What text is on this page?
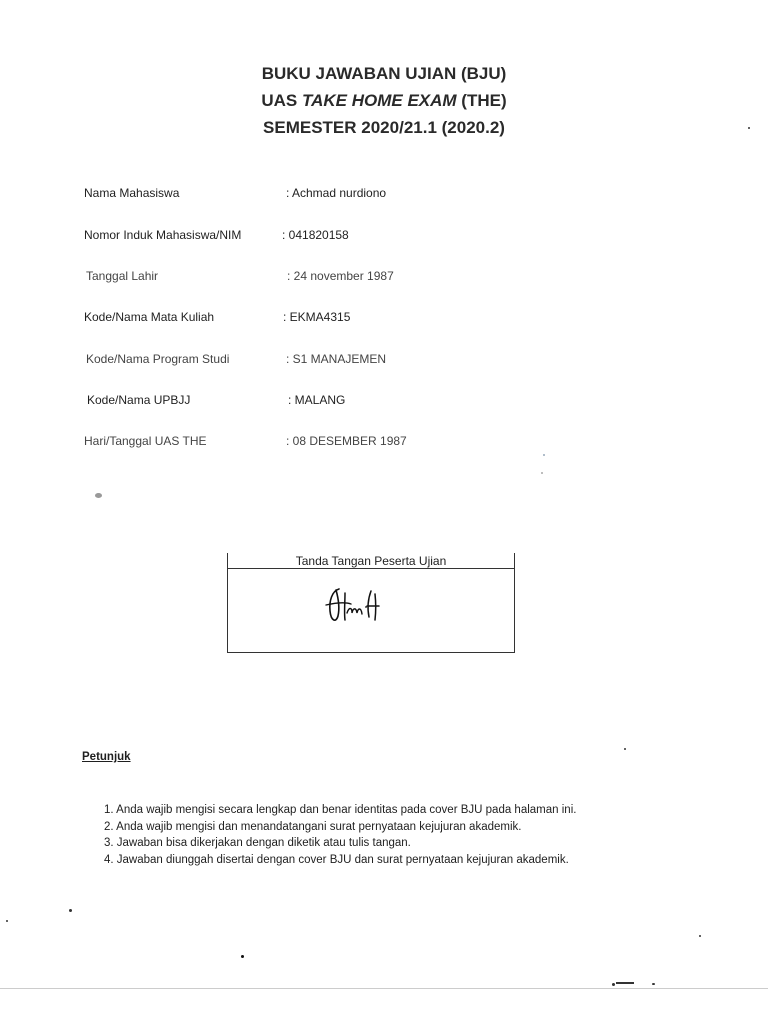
BUKU JAWABAN UJIAN (BJU)
UAS TAKE HOME EXAM (THE)
SEMESTER 2020/21.1 (2020.2)
Nama Mahasiswa	: Achmad nurdiono
Nomor Induk Mahasiswa/NIM	: 041820158
Tanggal Lahir	: 24 november 1987
Kode/Nama Mata Kuliah	: EKMA4315
Kode/Nama Program Studi	: S1 MANAJEMEN
Kode/Nama UPBJJ	: MALANG
Hari/Tanggal UAS THE	: 08 DESEMBER 1987
Tanda Tangan Peserta Ujian
Petunjuk
1. Anda wajib mengisi secara lengkap dan benar identitas pada cover BJU pada halaman ini.
2. Anda wajib mengisi dan menandatangani surat pernyataan kejujuran akademik.
3. Jawaban bisa dikerjakan dengan diketik atau tulis tangan.
4. Jawaban diunggah disertai dengan cover BJU dan surat pernyataan kejujuran akademik.
